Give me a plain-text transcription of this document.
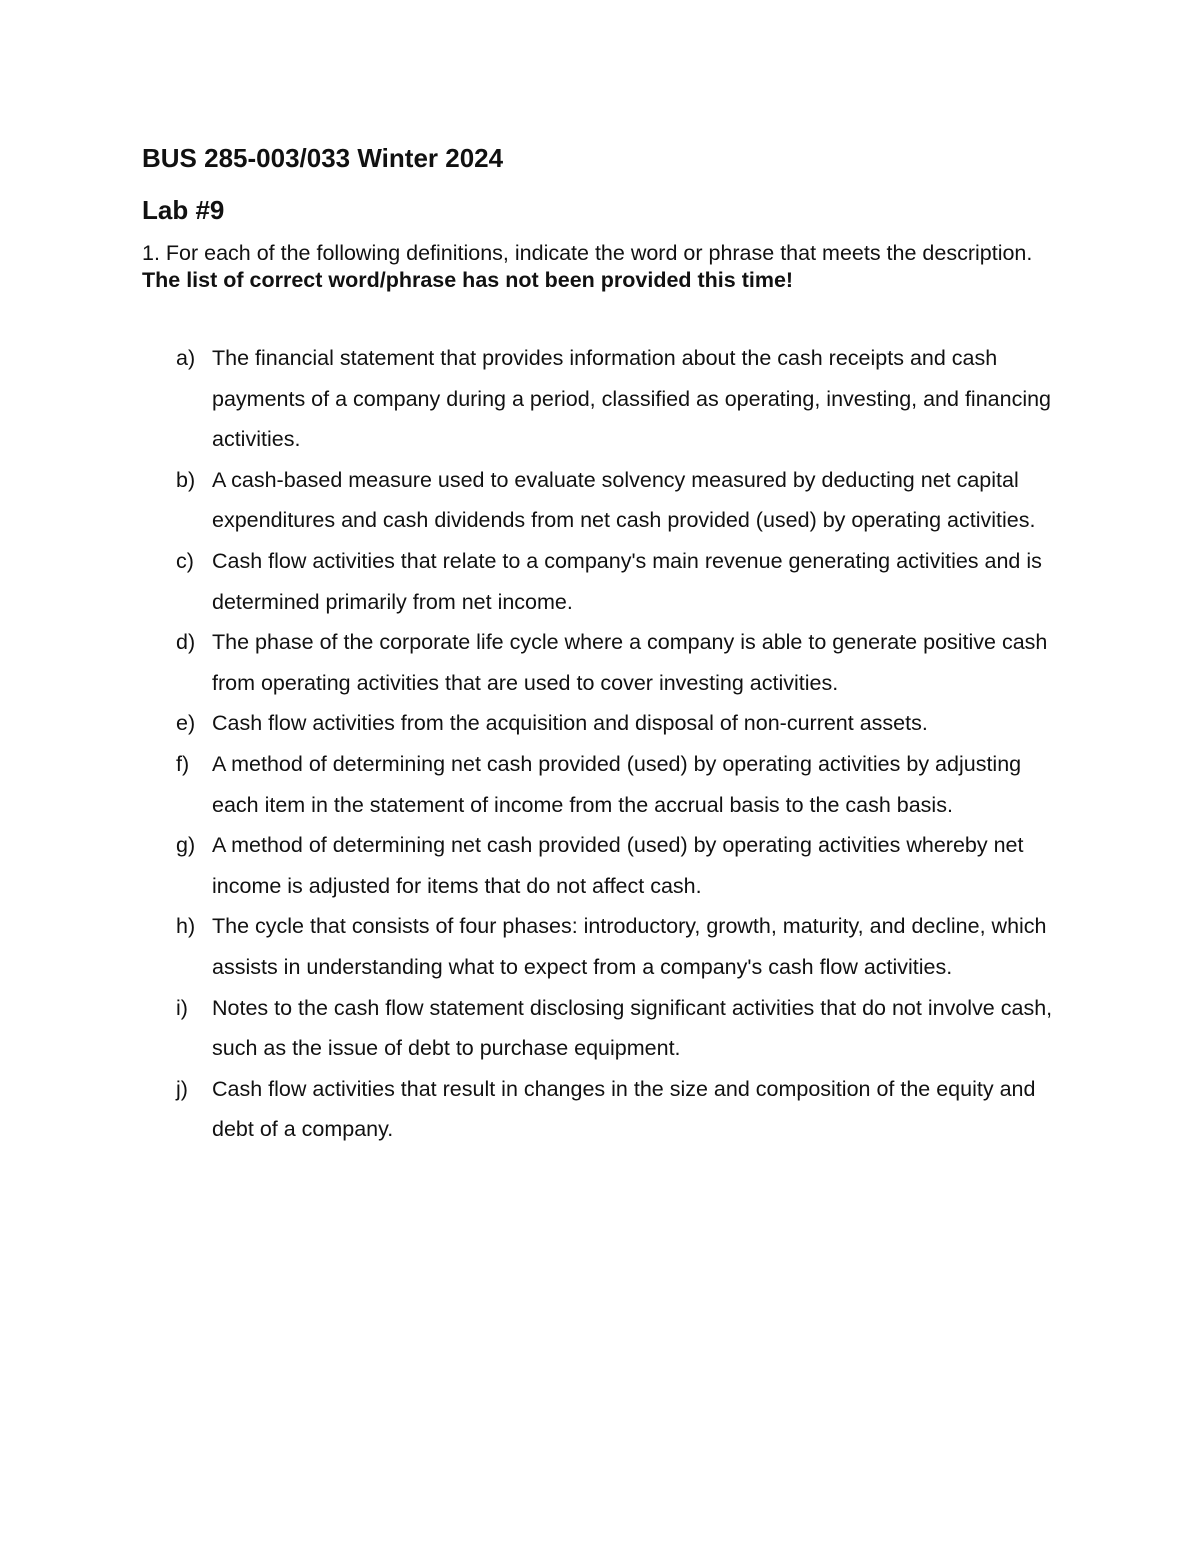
BUS 285-003/033 Winter 2024
Lab #9
1. For each of the following definitions, indicate the word or phrase that meets the description. The list of correct word/phrase has not been provided this time!
a) The financial statement that provides information about the cash receipts and cash payments of a company during a period, classified as operating, investing, and financing activities.
b) A cash-based measure used to evaluate solvency measured by deducting net capital expenditures and cash dividends from net cash provided (used) by operating activities.
c) Cash flow activities that relate to a company's main revenue generating activities and is determined primarily from net income.
d) The phase of the corporate life cycle where a company is able to generate positive cash from operating activities that are used to cover investing activities.
e) Cash flow activities from the acquisition and disposal of non-current assets.
f)	A method of determining net cash provided (used) by operating activities by adjusting each item in the statement of income from the accrual basis to the cash basis.
g) A method of determining net cash provided (used) by operating activities whereby net income is adjusted for items that do not affect cash.
h) The cycle that consists of four phases: introductory, growth, maturity, and decline, which assists in understanding what to expect from a company's cash flow activities.
i)	Notes to the cash flow statement disclosing significant activities that do not involve cash, such as the issue of debt to purchase equipment.
j)	Cash flow activities that result in changes in the size and composition of the equity and debt of a company.
